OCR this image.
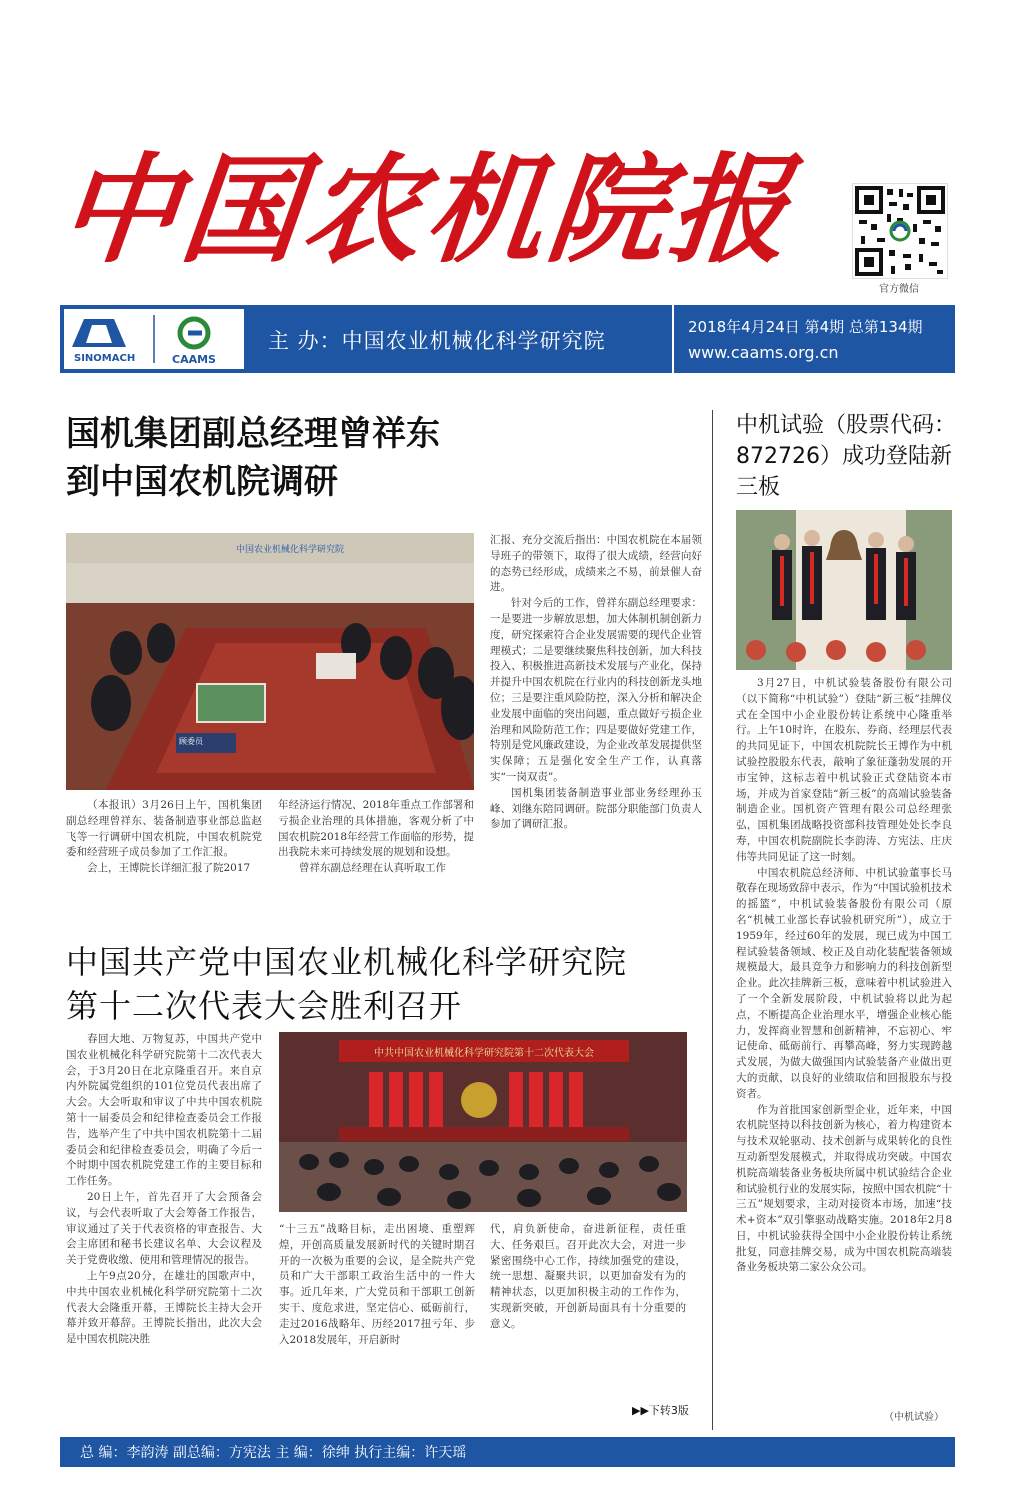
中国农机院报
官方微信
SINOMACH	CAAMS
主 办：中国农业机械化科学研究院
2018年4月24日 第4期 总第134期
www.caams.org.cn
国机集团副总经理曾祥东
到中国农机院调研
中国农业机械化科学研究院
顾委员

汇报、充分交流后指出：中国农机院在本届领导班子的带领下，取得了很大成绩，经营向好的态势已经形成，成绩来之不易，前景催人奋进。

针对今后的工作，曾祥东副总经理要求：一是要进一步解放思想，加大体制机制创新力度，研究探索符合企业发展需要的现代企业管理模式；二是要继续聚焦科技创新，加大科技投入、积极推进高新技术发展与产业化，保持并提升中国农机院在行业内的科技创新龙头地位；三是要注重风险防控，深入分析和解决企业发展中面临的突出问题，重点做好亏损企业治理和风险防范工作；四是要做好党建工作，特别是党风廉政建设，为企业改革发展提供坚实保障；五是强化安全生产工作，认真落实“一岗双责”。

国机集团装备制造事业部业务经理孙玉峰、刘继东陪同调研。院部分职能部门负责人参加了调研汇报。

（本报讯）3月26日上午，国机集团副总经理曾祥东、装备制造事业部总监赵飞等一行调研中国农机院，中国农机院党委和经营班子成员参加了工作汇报。

会上，王博院长详细汇报了院2017

年经济运行情况、2018年重点工作部署和亏损企业治理的具体措施，客观分析了中国农机院2018年经营工作面临的形势，提出我院未来可持续发展的规划和设想。

曾祥东副总经理在认真听取工作

中国共产党中国农业机械化科学研究院
第十二次代表大会胜利召开

春回大地、万物复苏，中国共产党中国农业机械化科学研究院第十二次代表大会，于3月20日在北京隆重召开。来自京内外院属党组织的101位党员代表出席了大会。大会听取和审议了中共中国农机院第十一届委员会和纪律检查委员会工作报告，选举产生了中共中国农机院第十二届委员会和纪律检查委员会，明确了今后一个时期中国农机院党建工作的主要目标和工作任务。

20日上午，首先召开了大会预备会议，与会代表听取了大会筹备工作报告，审议通过了关于代表资格的审查报告、大会主席团和秘书长建议名单、大会议程及关于党费收缴、使用和管理情况的报告。

上午9点20分，在雄壮的国歌声中，中共中国农业机械化科学研究院第十二次代表大会隆重开幕，王博院长主持大会开幕并致开幕辞。王博院长指出，此次大会是中国农机院决胜

中共中国农业机械化科学研究院第十二次代表大会

“十三五”战略目标，走出困境、重塑辉煌，开创高质量发展新时代的关键时期召开的一次极为重要的会议，是全院共产党员和广大干部职工政治生活中的一件大事。近几年来，广大党员和干部职工创新实干、度危求进，坚定信心、砥砺前行，走过2016战略年、历经2017扭亏年、步入2018发展年，开启新时

代，肩负新使命，奋进新征程，责任重大、任务艰巨。召开此次大会，对进一步紧密围绕中心工作，持续加强党的建设，统一思想、凝聚共识，以更加奋发有为的精神状态，以更加积极主动的工作作为，实现新突破，开创新局面具有十分重要的意义。

▶▶下转3版
中机试验（股票代码：872726）成功登陆新三板

3月27日，中机试验装备股份有限公司（以下简称“中机试验”）登陆“新三板”挂牌仪式在全国中小企业股份转让系统中心隆重举行。上午10时许，在股东、券商、经理层代表的共同见证下，中国农机院院长王博作为中机试验控股股东代表，敲响了象征蓬勃发展的开市宝钟，这标志着中机试验正式登陆资本市场，并成为首家登陆“新三板”的高端试验装备制造企业。国机资产管理有限公司总经理张弘，国机集团战略投资部科技管理处处长李良寿，中国农机院副院长李韵涛、方宪法、庄庆伟等共同见证了这一时刻。

中国农机院总经济师、中机试验董事长马敬春在现场致辞中表示，作为“中国试验机技术的摇篮”，中机试验装备股份有限公司（原名“机械工业部长春试验机研究所”），成立于1959年，经过60年的发展，现已成为中国工程试验装备领域、校正及自动化装配装备领域规模最大，最具竞争力和影响力的科技创新型企业。此次挂牌新三板，意味着中机试验进入了一个全新发展阶段，中机试验将以此为起点，不断提高企业治理水平，增强企业核心能力，发挥商业智慧和创新精神，不忘初心、牢记使命、砥砺前行、再攀高峰，努力实现跨越式发展，为做大做强国内试验装备产业做出更大的贡献，以良好的业绩取信和回报股东与投资者。

作为首批国家创新型企业，近年来，中国农机院坚持以科技创新为核心，着力构建资本与技术双轮驱动、技术创新与成果转化的良性互动新型发展模式，并取得成功突破。中国农机院高端装备业务板块所属中机试验结合企业和试验机行业的发展实际，按照中国农机院“十三五”规划要求，主动对接资本市场，加速“技术+资本”双引擎驱动战略实施。2018年2月8日，中机试验获得全国中小企业股份转让系统批复，同意挂牌交易，成为中国农机院高端装备业务板块第二家公众公司。

（中机试验）
总 编：李韵涛 副总编：方宪法 主 编：徐绅 执行主编：许天瑶
